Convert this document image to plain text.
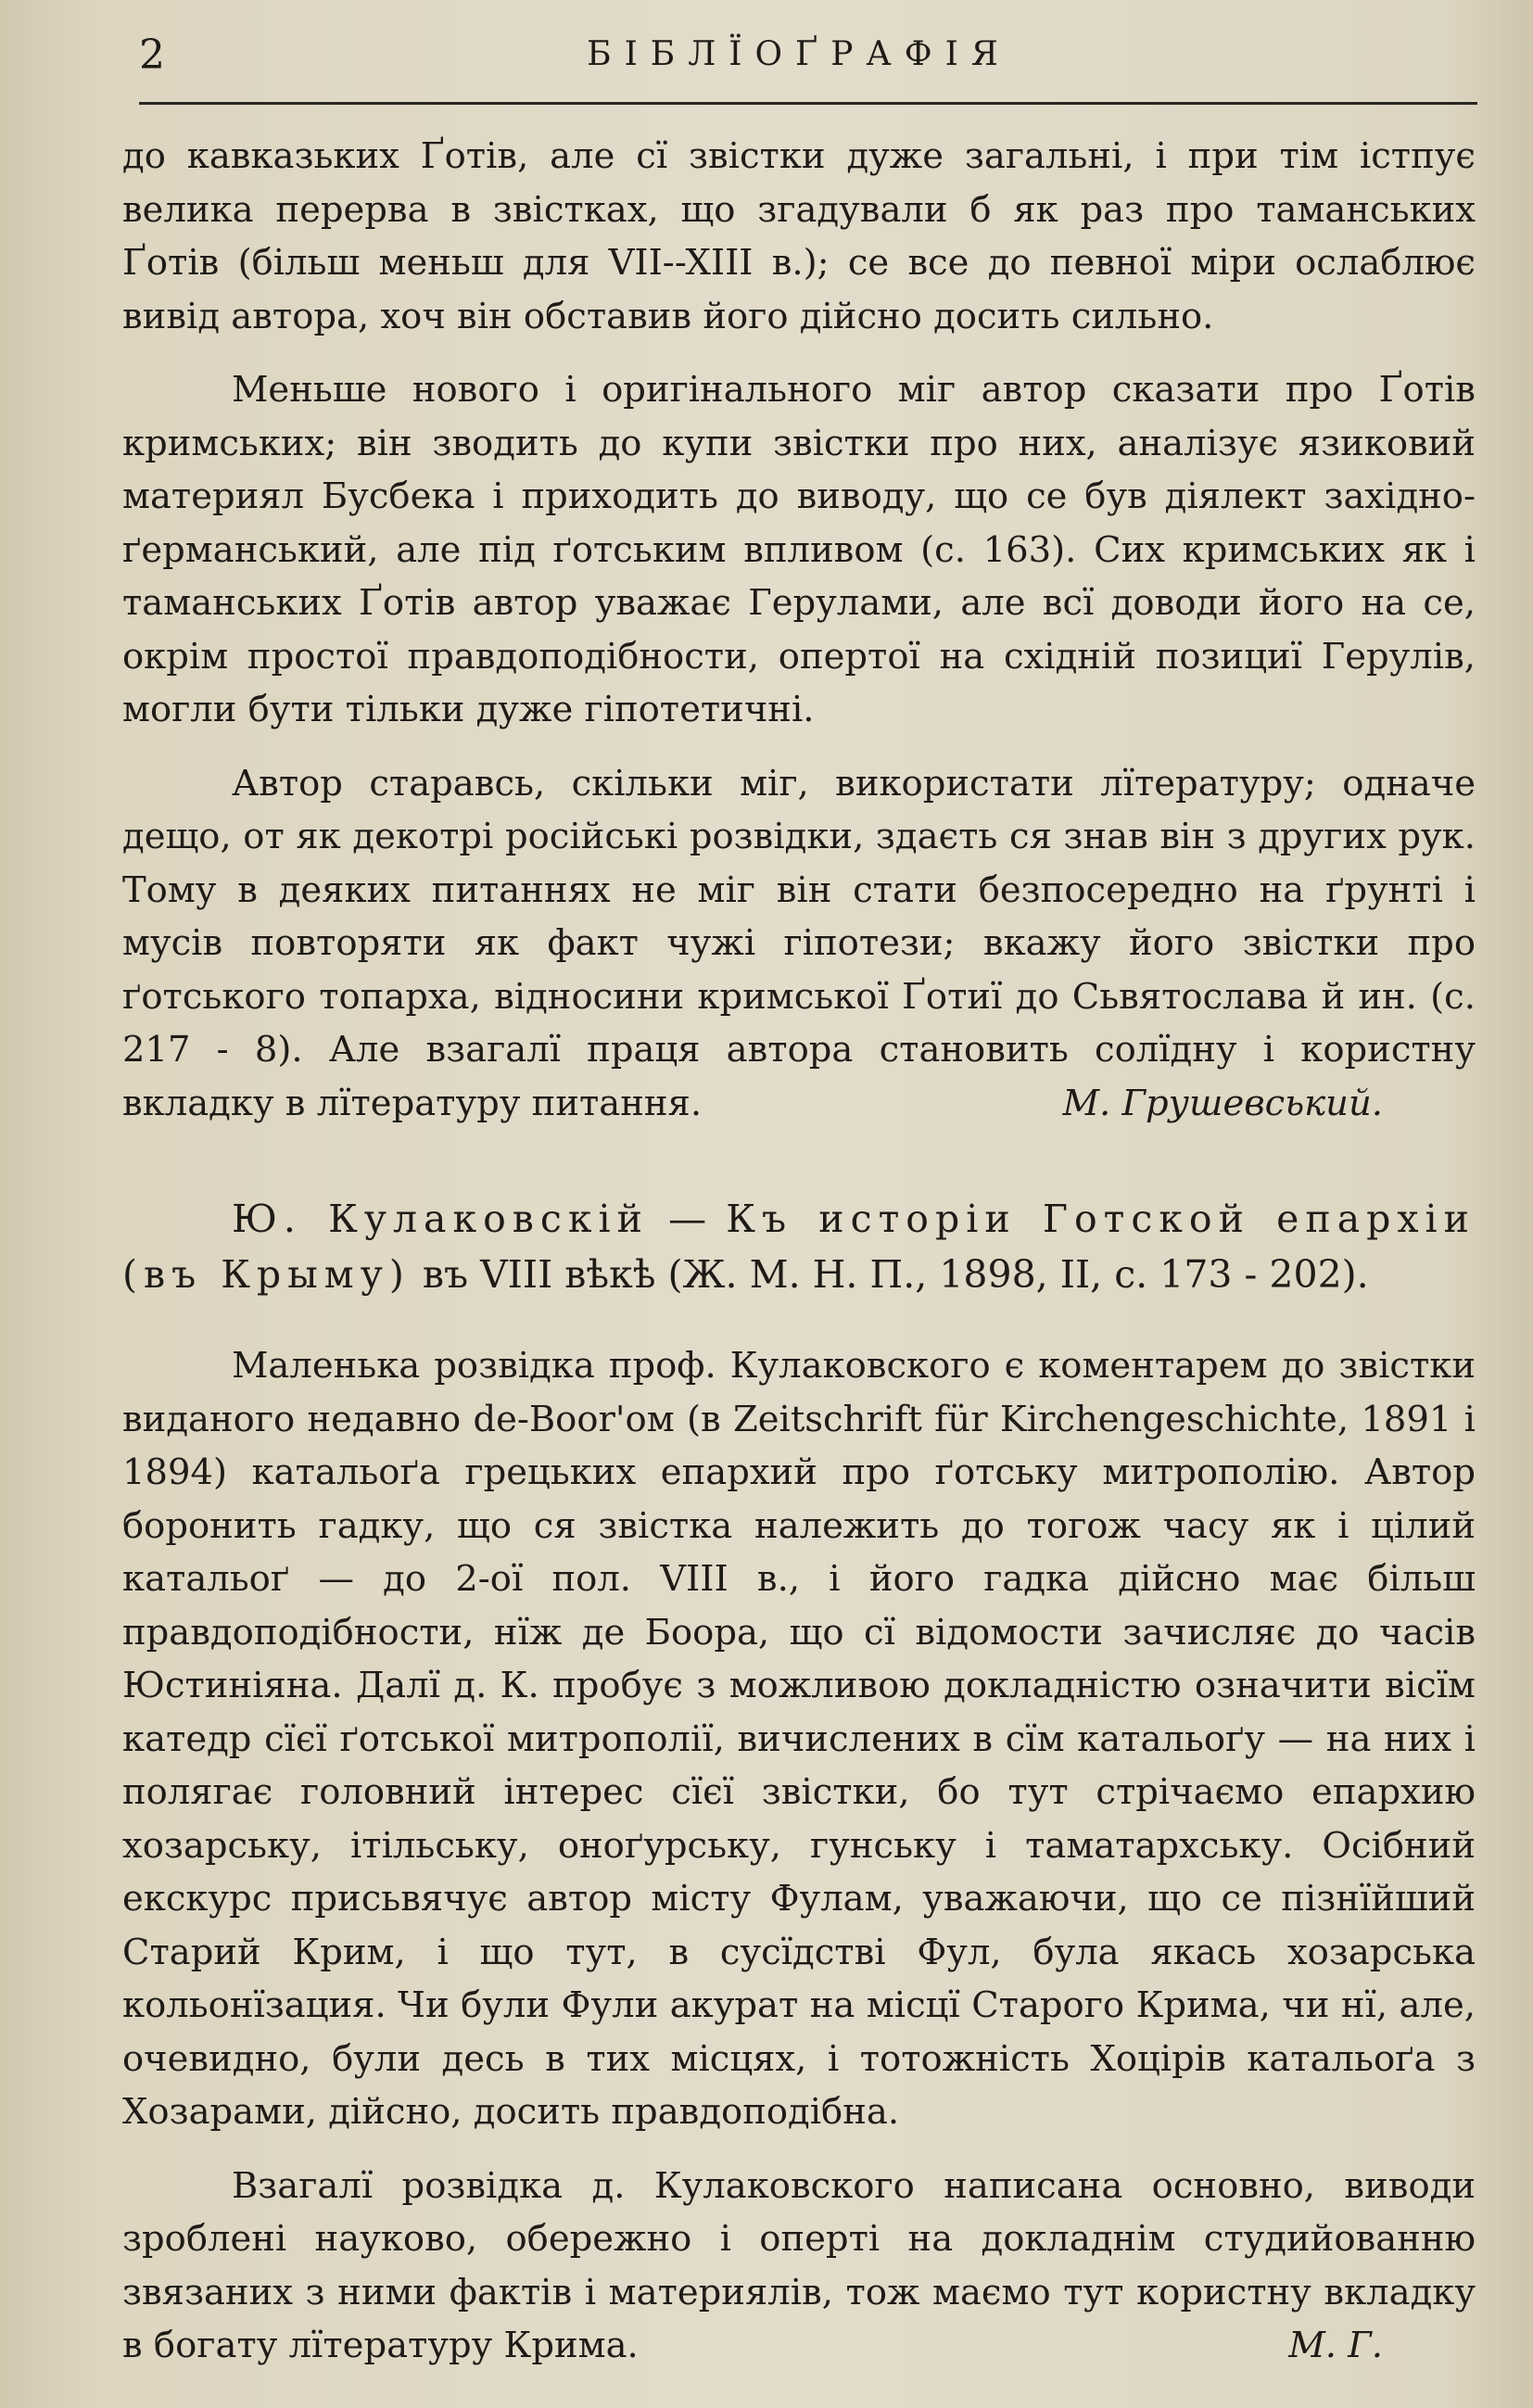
2	БІБЛЇОҐРАФІЯ

до кавказьких Ґотів, але сї звістки дуже загальні, і при тім істпує велика перерва в звістках, що згадували б як раз про таманських Ґотів (більш меньш для VII--XIII в.); се все до певної міри ослаблює вивід автора, хоч він обставив його дійсно досить сильно.

Меньше нового і оригінального міг автор сказати про Ґотів кримських; він зводить до купи звістки про них, аналізує язиковий материял Бусбека і приходить до виводу, що се був діялект західно-ґерманський, але під ґотським впливом (с. 163). Сих кримських як і таманських Ґотів автор уважає Герулами, але всї доводи його на се, окрім простої правдоподібности, опертої на східній позициї Герулів, могли бути тільки дуже гіпотетичні.

Автор старавсь, скільки міг, використати лїтературу; одначе дещо, от як декотрі російські розвідки, здаєть ся знав він з других рук. Тому в деяких питаннях не міг він стати безпосередно на ґрунті і мусів повторяти як факт чужі гіпотези; вкажу його звістки про ґотського топарха, відносини кримської Ґотиї до Сьвятослава й ин. (с. 217 - 8). Але взагалї праця автора становить солїдну і користну вкладку в лїтературу питання.	М. Грушевський.

Ю. Кулаковскій — Къ исторіи Готской епархіи (въ Крыму) въ VIII вѣкѣ (Ж. М. Н. П., 1898, II, с. 173 - 202).

Маленька розвідка проф. Кулаковского є коментарем до звістки виданого недавно de-Boor'ом (в Zeitschrift für Kirchengeschichte, 1891 і 1894) катальоґа грецьких епархий про ґотську митрополію. Автор боронить гадку, що ся звістка належить до тогож часу як і цілий катальоґ — до 2-ої пол. VIII в., і його гадка дійсно має більш правдоподібности, нїж де Боора, що сї відомости зачисляє до часів Юстиніяна. Далї д. К. пробує з можливою докладністю означити вісїм катедр сїєї ґотської митрополії, вичислених в сїм катальоґу — на них і полягає головний інтерес сїєї звістки, бо тут стрічаємо епархию хозарську, ітільську, оноґурську, гунську і таматархську. Осібний екскурс присьвячує автор місту Фулам, уважаючи, що се пізнїйший Старий Крим, і що тут, в сусїдстві Фул, була якась хозарська кольонїзация. Чи були Фули акурат на місцї Старого Крима, чи нї, але, очевидно, були десь в тих місцях, і тотожність Хоцірів катальоґа з Хозарами, дійсно, досить правдоподібна.

Взагалї розвідка д. Кулаковского написана основно, виводи зроблені науково, обережно і оперті на докладнім студийованню звязаних з ними фактів і материялів, тож маємо тут користну вкладку в богату лїтературу Крима.	М. Г.
